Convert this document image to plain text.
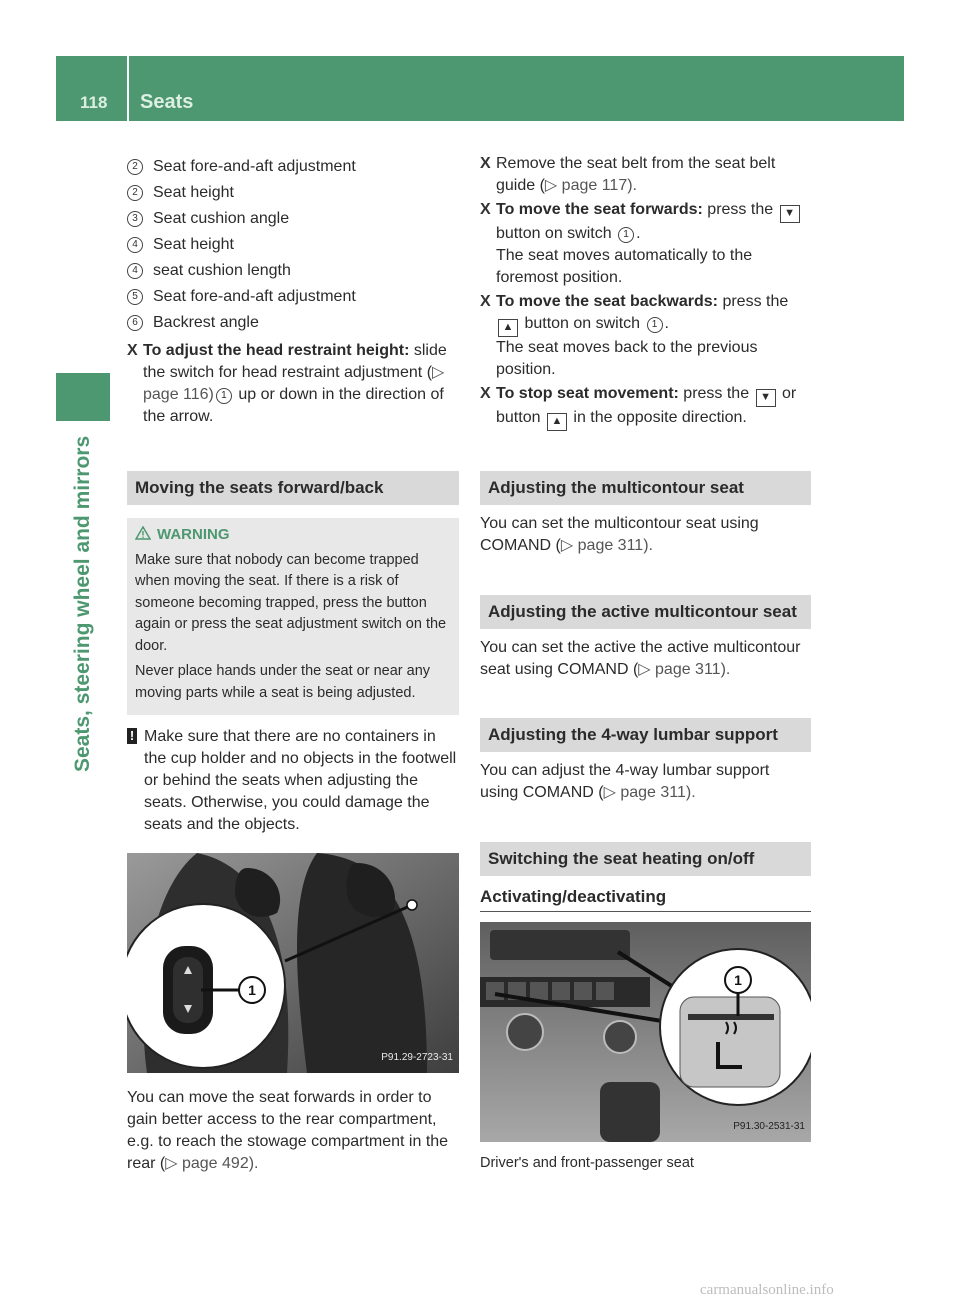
118	Seats
Seats, steering wheel and mirrors
2 Seat fore-and-aft adjustment
2 Seat height
3 Seat cushion angle
4 Seat height
4 seat cushion length
5 Seat fore-and-aft adjustment
6 Backrest angle
X To adjust the head restraint height: slide the switch for head restraint adjustment (▷ page 116) 1 up or down in the direction of the arrow.
Moving the seats forward/back
WARNING

Make sure that nobody can become trapped when moving the seat. If there is a risk of someone becoming trapped, press the button again or press the seat adjustment switch on the door.

Never place hands under the seat or near any moving parts while a seat is being adjusted.

! Make sure that there are no containers in the cup holder and no objects in the footwell or behind the seats when adjusting the seats. Otherwise, you could damage the seats and the objects.
1
P91.29-2723-31

You can move the seat forwards in order to gain better access to the rear compartment, e.g. to reach the stowage compartment in the rear (▷ page 492).

X Remove the seat belt from the seat belt guide (▷ page 117).
X To move the seat forwards: press the ▼ button on switch 1 .
The seat moves automatically to the foremost position.
X To move the seat backwards: press the ▲ button on switch 1 .
The seat moves back to the previous position.
X To stop seat movement: press the ▼ or button ▲ in the opposite direction.
Adjusting the multicontour seat

You can set the multicontour seat using COMAND (▷ page 311).

Adjusting the active multicontour seat

You can set the active the active multicontour seat using COMAND (▷ page 311).

Adjusting the 4-way lumbar support

You can adjust the 4-way lumbar support using COMAND (▷ page 311).

Switching the seat heating on/off
Activating/deactivating
1
P91.30-2531-31
Driver's and front-passenger seat
carmanualsonline.info
